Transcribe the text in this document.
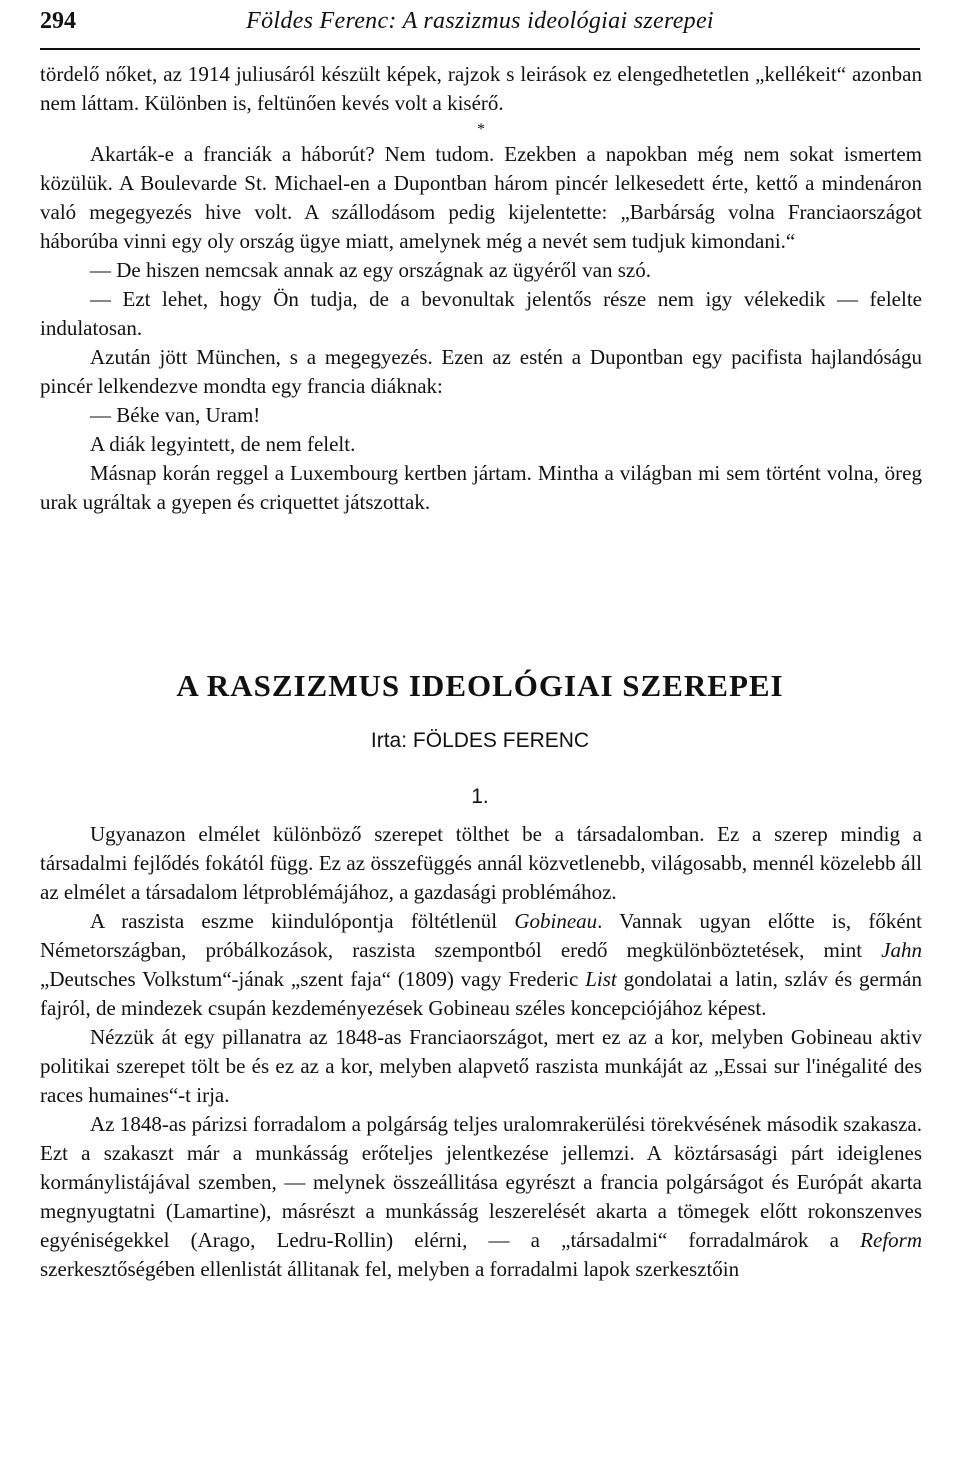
294	Földes Ferenc: A raszizmus ideológiai szerepei

tördelő nőket, az 1914 juliusáról készült képek, rajzok s leirások ez elengedhetetlen „kellékeit“ azonban nem láttam. Különben is, feltünően kevés volt a kisérő.

*

Akarták-e a franciák a háborút? Nem tudom. Ezekben a napokban még nem sokat ismertem közülük. A Boulevarde St. Michael-en a Dupontban három pincér lelkesedett érte, kettő a mindenáron való megegyezés hive volt. A szállodásom pedig kijelentette: „Barbárság volna Franciaországot háborúba vinni egy oly ország ügye miatt, amelynek még a nevét sem tudjuk kimondani.“

— De hiszen nemcsak annak az egy országnak az ügyéről van szó.

— Ezt lehet, hogy Ön tudja, de a bevonultak jelentős része nem igy vélekedik — felelte indulatosan.

Azután jött München, s a megegyezés. Ezen az estén a Dupontban egy pacifista hajlandóságu pincér lelkendezve mondta egy francia diáknak:

— Béke van, Uram!

A diák legyintett, de nem felelt.

Másnap korán reggel a Luxembourg kertben jártam. Mintha a világban mi sem történt volna, öreg urak ugráltak a gyepen és criquettet játszottak.

A RASZIZMUS IDEOLÓGIAI SZEREPEI
Irta: FÖLDES FERENC
1.

Ugyanazon elmélet különböző szerepet tölthet be a társadalomban. Ez a szerep mindig a társadalmi fejlődés fokától függ. Ez az összefüggés annál közvetlenebb, világosabb, mennél közelebb áll az elmélet a társadalom létproblémájához, a gazdasági problémához.

A raszista eszme kiindulópontja föltétlenül Gobineau. Vannak ugyan előtte is, főként Németországban, próbálkozások, raszista szempontból eredő megkülönböztetések, mint Jahn „Deutsches Volkstum“-jának „szent faja“ (1809) vagy Frederic List gondolatai a latin, szláv és germán fajról, de mindezek csupán kezdeményezések Gobineau széles koncepciójához képest.

Nézzük át egy pillanatra az 1848-as Franciaországot, mert ez az a kor, melyben Gobineau aktiv politikai szerepet tölt be és ez az a kor, melyben alapvető raszista munkáját az „Essai sur l'inégalité des races humaines“-t irja.

Az 1848-as párizsi forradalom a polgárság teljes uralomrakerülési törekvésének második szakasza. Ezt a szakaszt már a munkásság erőteljes jelentkezése jellemzi. A köztársasági párt ideiglenes kormánylistájával szemben, — melynek összeállitása egyrészt a francia polgárságot és Európát akarta megnyugtatni (Lamartine), másrészt a munkásság leszerelését akarta a tömegek előtt rokonszenves egyéniségekkel (Arago, Ledru-Rollin) elérni, — a „társadalmi“ forradalmárok a Reform szerkesztőségében ellenlistát állitanak fel, melyben a forradalmi lapok szerkesztőin
